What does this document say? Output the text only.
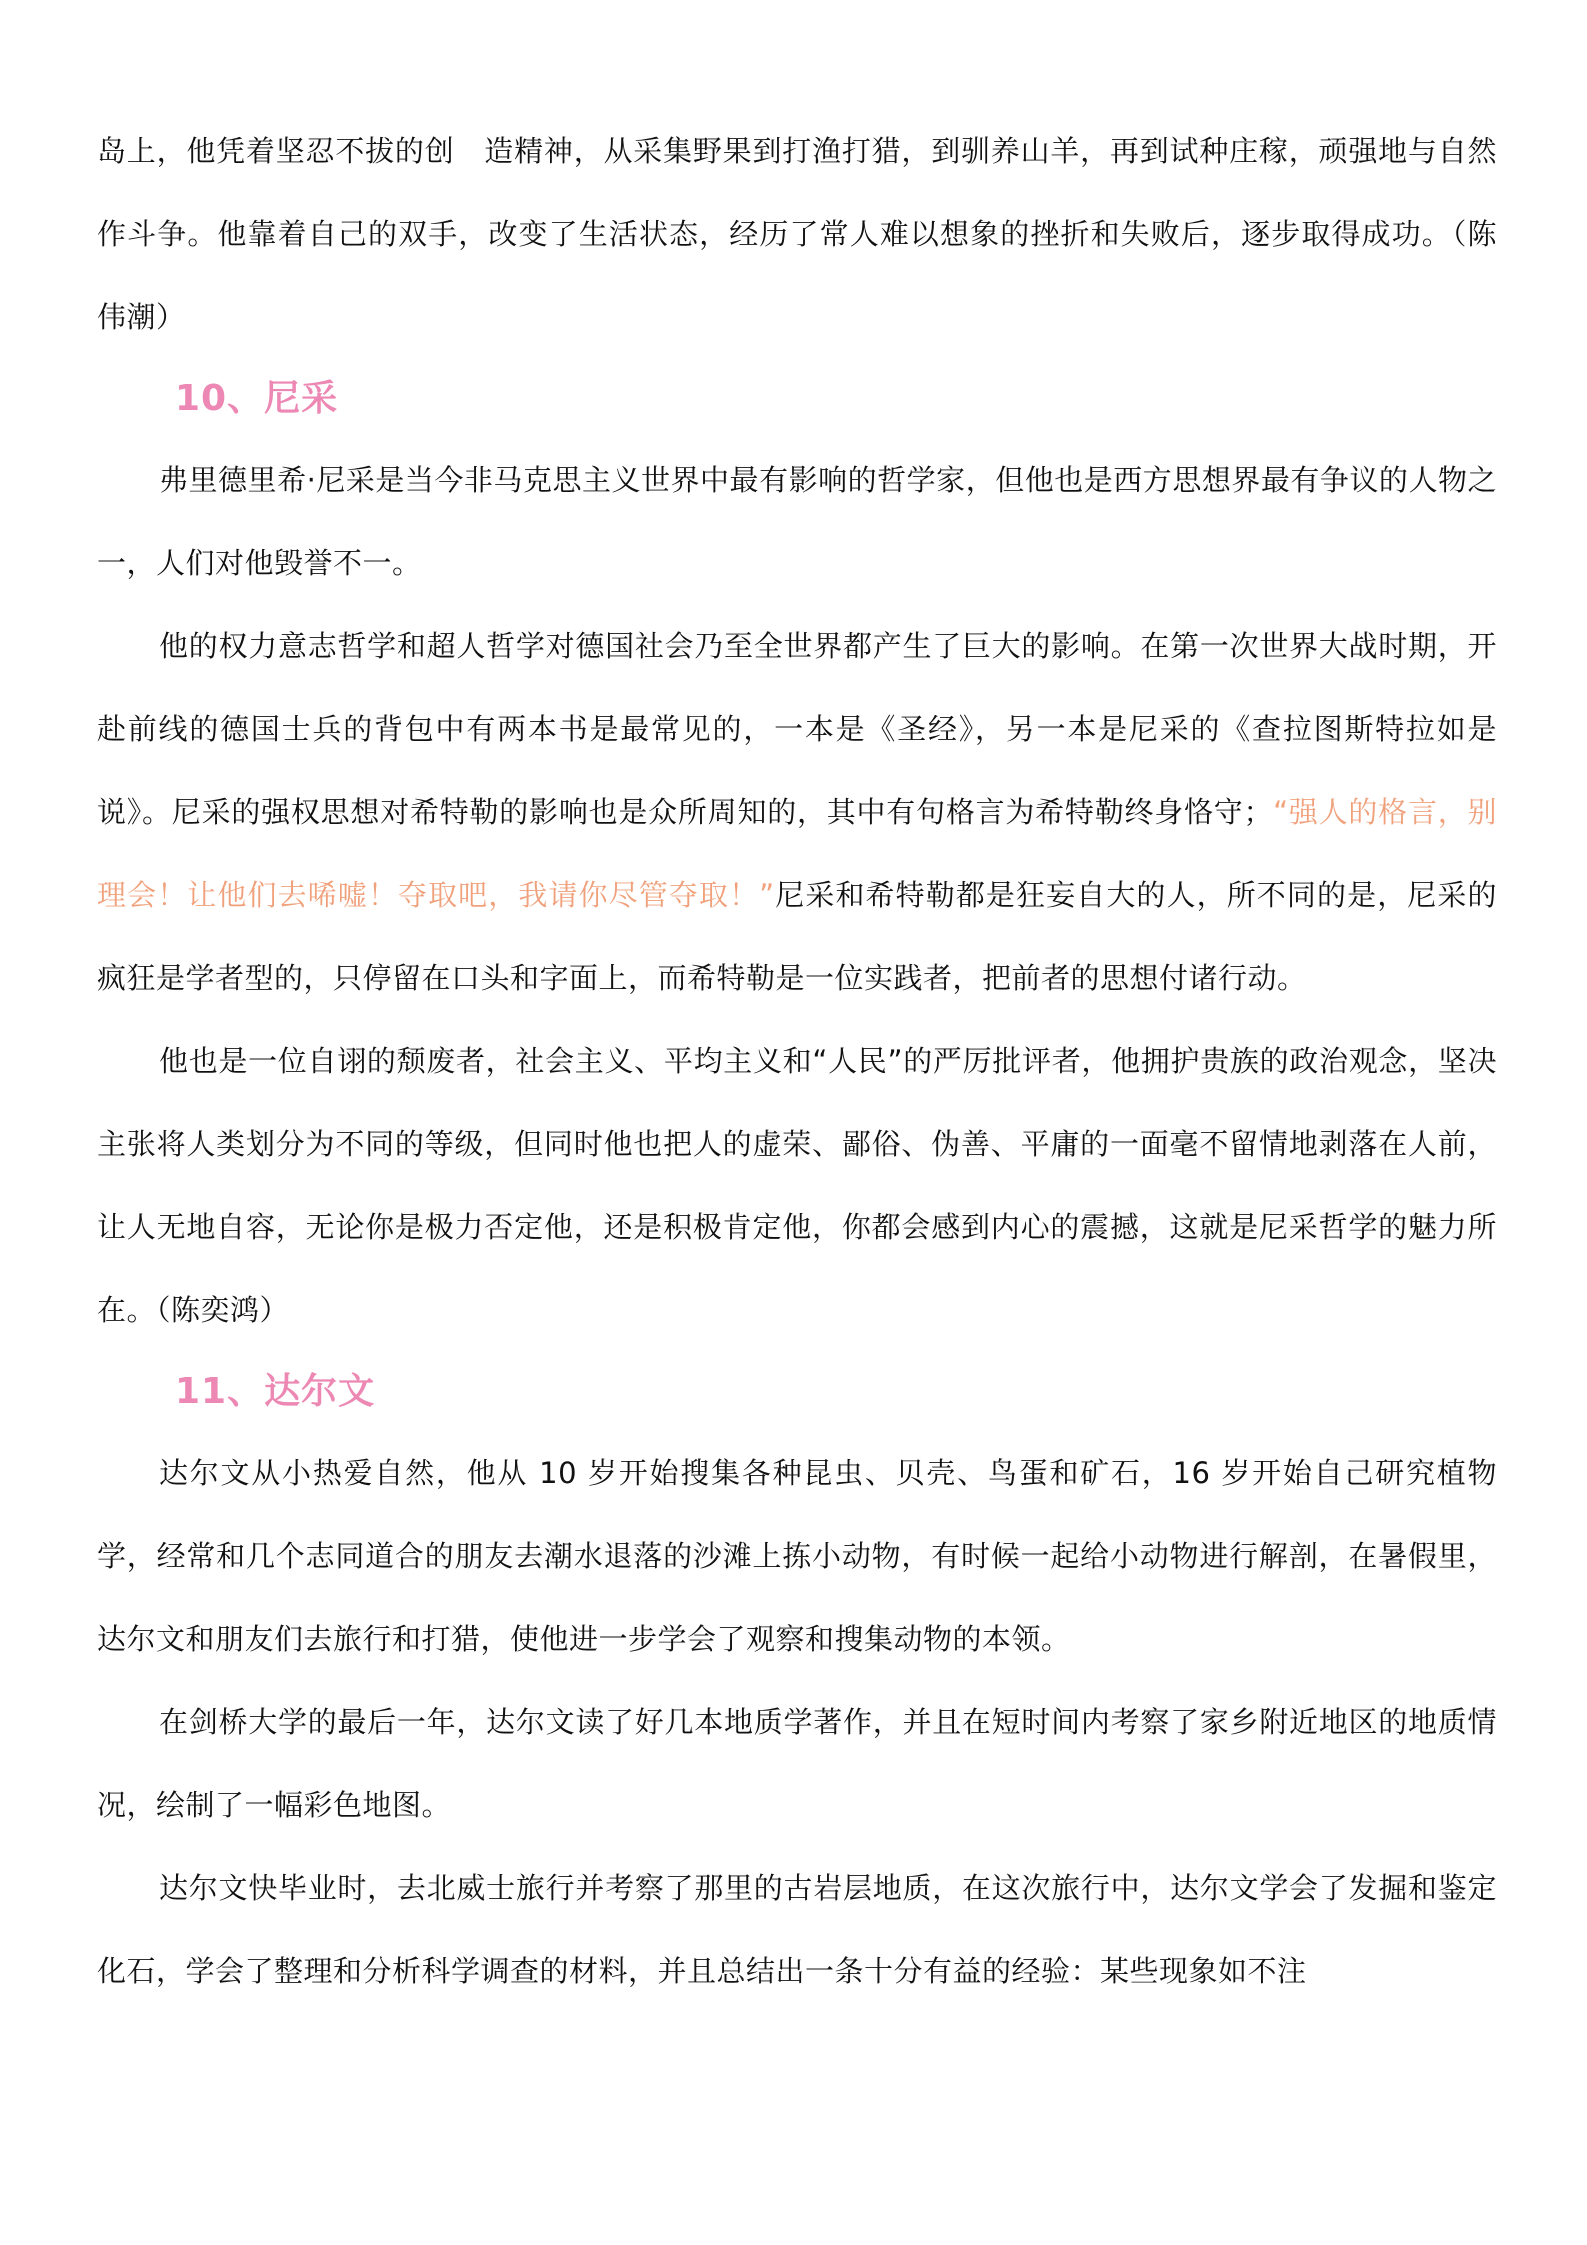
岛上，他凭着坚忍不拔的创　造精神，从采集野果到打渔打猎，到驯养山羊，再到试种庄稼，顽强地与自然作斗争。他靠着自己的双手，改变了生活状态，经历了常人难以想象的挫折和失败后，逐步取得成功。（陈伟潮）

10、尼采

弗里德里希·尼采是当今非马克思主义世界中最有影响的哲学家，但他也是西方思想界最有争议的人物之一，人们对他毁誉不一。

他的权力意志哲学和超人哲学对德国社会乃至全世界都产生了巨大的影响。在第一次世界大战时期，开赴前线的德国士兵的背包中有两本书是最常见的，一本是《圣经》，另一本是尼采的《查拉图斯特拉如是说》。尼采的强权思想对希特勒的影响也是众所周知的，其中有句格言为希特勒终身恪守；“强人的格言，别理会！让他们去唏嘘！夺取吧，我请你尽管夺取！”尼采和希特勒都是狂妄自大的人，所不同的是，尼采的疯狂是学者型的，只停留在口头和字面上，而希特勒是一位实践者，把前者的思想付诸行动。

他也是一位自诩的颓废者，社会主义、平均主义和“人民”的严厉批评者，他拥护贵族的政治观念，坚决主张将人类划分为不同的等级，但同时他也把人的虚荣、鄙俗、伪善、平庸的一面毫不留情地剥落在人前，让人无地自容，无论你是极力否定他，还是积极肯定他，你都会感到内心的震撼，这就是尼采哲学的魅力所在。（陈奕鸿）

11、达尔文

达尔文从小热爱自然，他从 10 岁开始搜集各种昆虫、贝壳、鸟蛋和矿石，16 岁开始自己研究植物学，经常和几个志同道合的朋友去潮水退落的沙滩上拣小动物，有时候一起给小动物进行解剖，在暑假里，达尔文和朋友们去旅行和打猎，使他进一步学会了观察和搜集动物的本领。

在剑桥大学的最后一年，达尔文读了好几本地质学著作，并且在短时间内考察了家乡附近地区的地质情况，绘制了一幅彩色地图。

达尔文快毕业时，去北威士旅行并考察了那里的古岩层地质，在这次旅行中，达尔文学会了发掘和鉴定化石，学会了整理和分析科学调查的材料，并且总结出一条十分有益的经验：某些现象如不注
